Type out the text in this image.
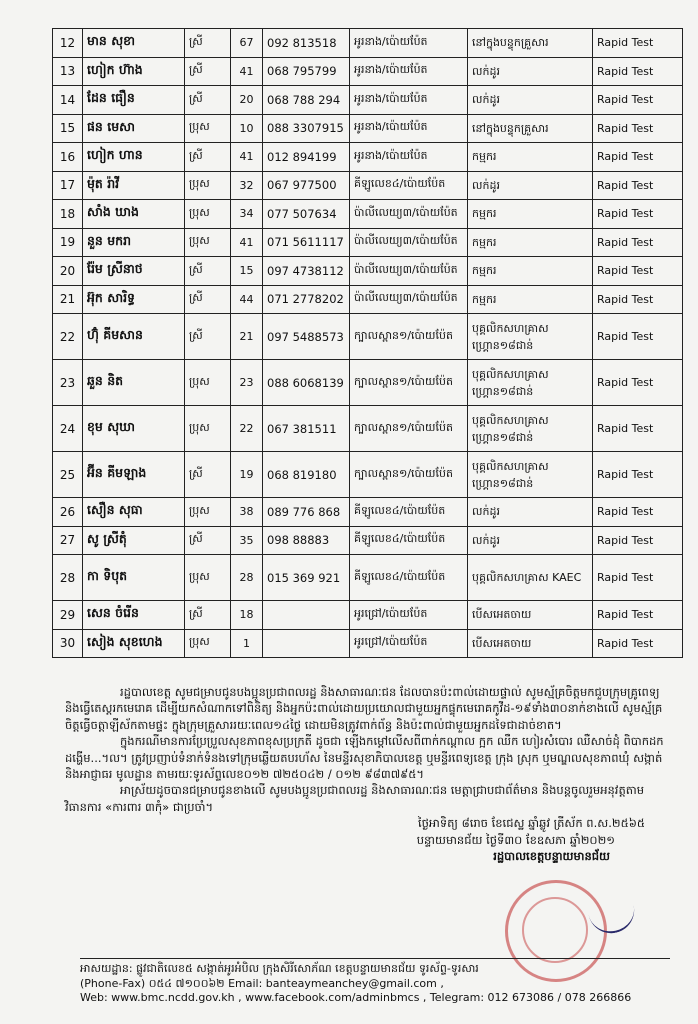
12	មាន សុខា	ស្រី	67	092 813518	អូរនាង/ប៉ោយប៉ែត	នៅក្នុងបន្ទុកគ្រួសារ	Rapid Test
13	ហៀក ហ៊ាង	ស្រី	41	068 795799	អូរនាង/ប៉ោយប៉ែត	លក់ដូរ	Rapid Test
14	ដែន ធឿន	ស្រី	20	068 788 294	អូរនាង/ប៉ោយប៉ែត	លក់ដូរ	Rapid Test
15	ផន មេសា	ប្រុស	10	088 3307915	អូរនាង/ប៉ោយប៉ែត	នៅក្នុងបន្ទុកគ្រួសារ	Rapid Test
16	ហៀក ហាន	ស្រី	41	012 894199	អូរនាង/ប៉ោយប៉ែត	កម្មករ	Rapid Test
17	ម៉ុត រ៉ាវី	ប្រុស	32	067 977500	គីឡូលេខ៤/ប៉ោយប៉ែត	លក់ដូរ	Rapid Test
18	សាំង ឃាង	ប្រុស	34	077 507634	ប៉ាលីលេយ្យ៣/ប៉ោយប៉ែត	កម្មករ	Rapid Test
19	នួន មករា	ប្រុស	41	071 5611117	ប៉ាលីលេយ្យ៣/ប៉ោយប៉ែត	កម្មករ	Rapid Test
20	រ៉ែម ស្រីនាថ	ស្រី	15	097 4738112	ប៉ាលីលេយ្យ៣/ប៉ោយប៉ែត	កម្មករ	Rapid Test
21	អ៊ុក សារិទ្ធ	ស្រី	44	071 2778202	ប៉ាលីលេយ្យ៣/ប៉ោយប៉ែត	កម្មករ	Rapid Test
22	ហ៊ុំ គីមសាន	ស្រី	21	097 5488573	ក្បាលស្ពាន១/ប៉ោយប៉ែត	បុគ្គលិកសហគ្រាស ហ្គ្រោន១៨ជាន់	Rapid Test
23	ឆួន និត	ប្រុស	23	088 6068139	ក្បាលស្ពាន១/ប៉ោយប៉ែត	បុគ្គលិកសហគ្រាស ហ្គ្រោន១៨ជាន់	Rapid Test
24	ខុម សុឃា	ប្រុស	22	067 381511	ក្បាលស្ពាន១/ប៉ោយប៉ែត	បុគ្គលិកសហគ្រាស ហ្គ្រោន១៨ជាន់	Rapid Test
25	អ៊ីន គីមឡាង	ស្រី	19	068 819180	ក្បាលស្ពាន១/ប៉ោយប៉ែត	បុគ្គលិកសហគ្រាស ហ្គ្រោន១៨ជាន់	Rapid Test
26	សឿន សុធា	ប្រុស	38	089 776 868	គីឡូលេខ៤/ប៉ោយប៉ែត	លក់ដូរ	Rapid Test
27	សូ ស្រីតុំ	ស្រី	35	098 88883	គីឡូលេខ៤/ប៉ោយប៉ែត	លក់ដូរ	Rapid Test
28	កា ទិបុត	ប្រុស	28	015 369 921	គីឡូលេខ៤/ប៉ោយប៉ែត	បុគ្គលិកសហគ្រាស KAEC	Rapid Test
29	សេន ចំរើន	ស្រី	18		អូរជ្រៅ/ប៉ោយប៉ែត	បើសអេតចាយ	Rapid Test
30	សៀង សុខហេង	ប្រុស	1		អូរជ្រៅ/ប៉ោយប៉ែត	បើសអេតចាយ	Rapid Test

រដ្ឋបាលខេត្ត សូមជម្រាបជូនបងប្អូនប្រជាពលរដ្ឋ និងសាធារណៈជន ដែលបានប៉ះពាល់ដោយផ្ទាល់ សូមស្ម័គ្រចិត្តមកជួបក្រុមគ្រូពេទ្យ និងធ្វើតេស្តរកមេរោគ ដើម្បីយកសំណាកទៅពិនិត្យ និងអ្នកប៉ះពាល់ដោយប្រយោលជាមួយអ្នកផ្ទុកមេរោគកូវីដ-១៩ទាំង៣០នាក់ខាងលើ សូមស្ម័គ្រចិត្តធ្វើចត្តាឡីស័កតាមផ្ទះ ក្នុងក្រុមគ្រួសាររយៈពេល១៤ថ្ងៃ ដោយមិនត្រូវពាក់ព័ន្ធ និងប៉ះពាល់ជាមួយអ្នកដទៃជាដាច់ខាត។

ក្នុងករណីមានការប្រែប្រួលសុខភាពខុសប្រក្រតី ដូចជា ឡើងកម្តៅលើសពីពាក់កណ្តាល ក្អក ឈឺក ហៀរសំបោរ ឈឺសាច់ដុំ ពិបាកដកដង្ហើម...។ល។ ត្រូវប្រញាប់ទំនាក់ទំនងទៅក្រុមឆ្លើយតបរហ័ស នៃមន្ទីរសុខាភិបាលខេត្ត ឬមន្ទីរពេទ្យខេត្ត ក្រុង ស្រុក ឬមណ្ឌលសុខភាពឃុំ សង្កាត់ និងអាជ្ញាធរ មូលដ្ឋាន តាមរយៈទូរស័ព្ទលេខ០១២ ៧២៥០៤២ / ០១២ ៩៨៣៧៩៥។

អាស្រ័យដូចបានជម្រាបជូនខាងលើ សូមបងប្អូនប្រជាពលរដ្ឋ និងសាធារណៈជន មេត្តាជ្រាបជាព័ត៌មាន និងបន្តចូលរួមអនុវត្តតាមវិធានការ «ការពារ ៣កុំ» ជាប្រចាំ។

ថ្ងៃអាទិត្យ ៨រោច ខែជេស្ឋ ឆ្នាំឆ្លូវ ត្រីស័ក ព.ស.២៥៦៥
បន្ទាយមានជ័យ ថ្ងៃទី៣០ ខែឧសភា ឆ្នាំ២០២១
រដ្ឋបាលខេត្តបន្ទាយមានជ័យ
អាសយដ្ឋាន: ផ្លូវជាតិលេខ៥ សង្កាត់អូរអំបិល ក្រុងសិរីសោភ័ណ ខេត្តបន្ទាយមានជ័យ ទូរស័ព្ទ-ទូរសារ
(Phone-Fax) ០៥៤ ៧១០០៦២ Email: banteaymeanchey@gmail.com ,
Web: www.bmc.ncdd.gov.kh , www.facebook.com/adminbmcs , Telegram: 012 673086 / 078 266866
